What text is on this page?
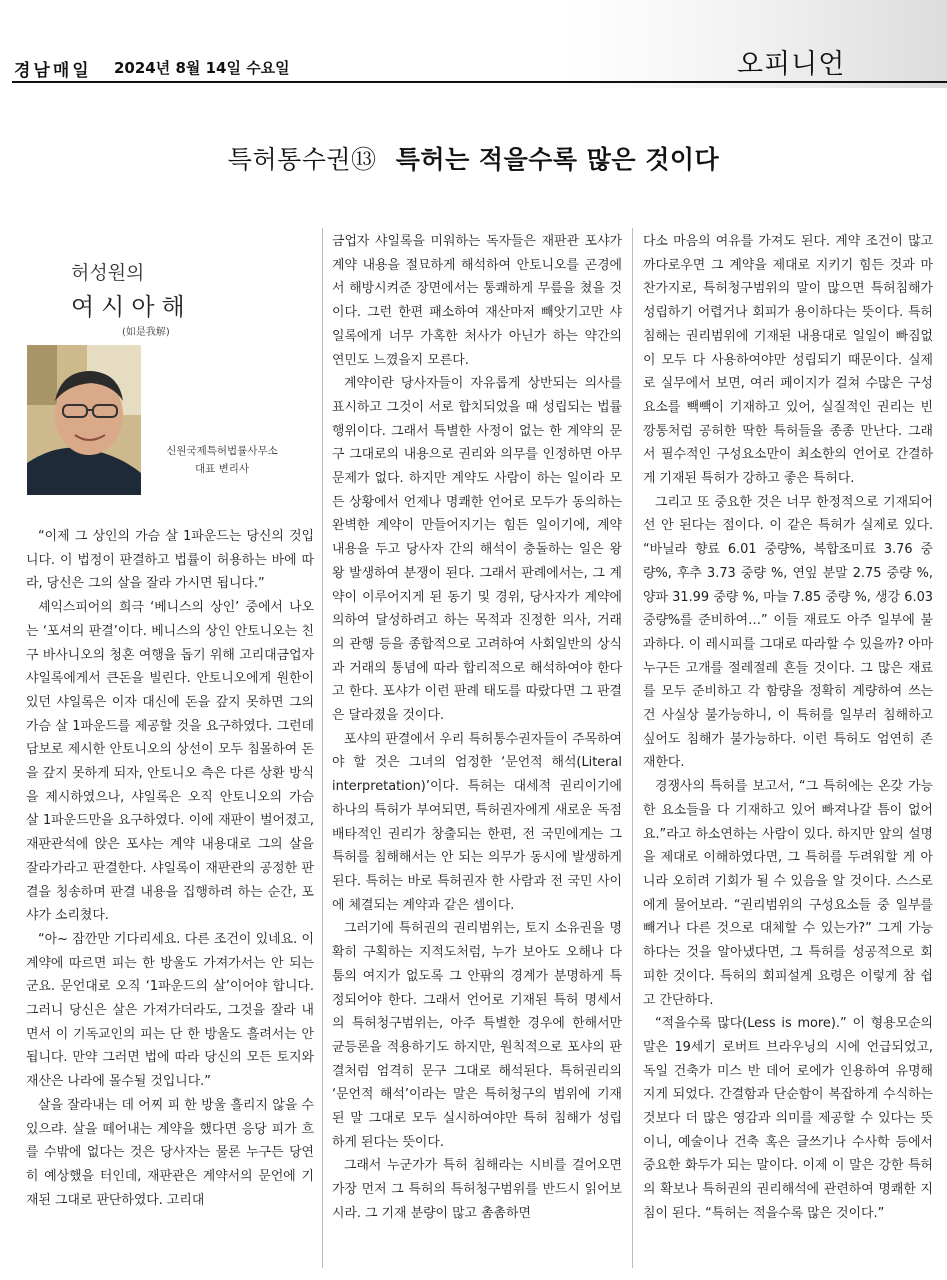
경남매일 2024년 8월 14일 수요일	오피니언
특허통수권⑬ 특허는 적을수록 많은 것이다
허성원의
여시아해
(如是我解)
신원국제특허법률사무소
대표 변리사

“이제 그 상인의 가슴 살 1파운드는 당신의 것입니다. 이 법정이 판결하고 법률이 허용하는 바에 따라, 당신은 그의 살을 잘라 가시면 됩니다.”

셰익스피어의 희극 ‘베니스의 상인’ 중에서 나오는 ‘포셔의 판결’이다. 베니스의 상인 안토니오는 친구 바사니오의 청혼 여행을 돕기 위해 고리대금업자 샤일록에게서 큰돈을 빌린다. 안토니오에게 원한이 있던 샤일록은 이자 대신에 돈을 갚지 못하면 그의 가슴 살 1파운드를 제공할 것을 요구하였다. 그런데 담보로 제시한 안토니오의 상선이 모두 침몰하여 돈을 갚지 못하게 되자, 안토니오 측은 다른 상환 방식을 제시하였으나, 샤일록은 오직 안토니오의 가슴 살 1파운드만을 요구하였다. 이에 재판이 벌어졌고, 재판관석에 앉은 포샤는 계약 내용대로 그의 살을 잘라가라고 판결한다. 샤일록이 재판관의 공정한 판결을 칭송하며 판결 내용을 집행하려 하는 순간, 포샤가 소리쳤다.

“아~ 잠깐만 기다리세요. 다른 조건이 있네요. 이 계약에 따르면 피는 한 방울도 가져가서는 안 되는군요. 문언대로 오직 ‘1파운드의 살’이어야 합니다. 그러니 당신은 살은 가져가더라도, 그것을 잘라 내면서 이 기독교인의 피는 단 한 방울도 흘려서는 안 됩니다. 만약 그러면 법에 따라 당신의 모든 토지와 재산은 나라에 몰수될 것입니다.”

살을 잘라내는 데 어찌 피 한 방울 흘리지 않을 수 있으랴. 살을 떼어내는 계약을 했다면 응당 피가 흐를 수밖에 없다는 것은 당사자는 물론 누구든 당연히 예상했을 터인데, 재판관은 계약서의 문언에 기재된 그대로 판단하였다. 고리대

금업자 샤일록을 미워하는 독자들은 재판관 포샤가 계약 내용을 절묘하게 해석하여 안토니오를 곤경에서 해방시켜준 장면에서는 통쾌하게 무릎을 쳤을 것이다. 그런 한편 패소하여 재산마저 빼앗기고만 샤일록에게 너무 가혹한 처사가 아닌가 하는 약간의 연민도 느꼈을지 모른다.

계약이란 당사자들이 자유롭게 상반되는 의사를 표시하고 그것이 서로 합치되었을 때 성립되는 법률행위이다. 그래서 특별한 사정이 없는 한 계약의 문구 그대로의 내용으로 권리와 의무를 인정하면 아무 문제가 없다. 하지만 계약도 사람이 하는 일이라 모든 상황에서 언제나 명쾌한 언어로 모두가 동의하는 완벽한 계약이 만들어지기는 힘든 일이기에, 계약 내용을 두고 당사자 간의 해석이 충돌하는 일은 왕왕 발생하여 분쟁이 된다. 그래서 판례에서는, 그 계약이 이루어지게 된 동기 및 경위, 당사자가 계약에 의하여 달성하려고 하는 목적과 진정한 의사, 거래의 관행 등을 종합적으로 고려하여 사회일반의 상식과 거래의 통념에 따라 합리적으로 해석하여야 한다고 한다. 포샤가 이런 판례 태도를 따랐다면 그 판결은 달라졌을 것이다.

포샤의 판결에서 우리 특허통수권자들이 주목하여야 할 것은 그녀의 엄정한 ‘문언적 해석(Literal interpretation)’이다. 특허는 대세적 권리이기에 하나의 특허가 부여되면, 특허권자에게 새로운 독점배타적인 권리가 창출되는 한편, 전 국민에게는 그 특허를 침해해서는 안 되는 의무가 동시에 발생하게 된다. 특허는 바로 특허권자 한 사람과 전 국민 사이에 체결되는 계약과 같은 셈이다.

그러기에 특허권의 권리범위는, 토지 소유권을 명확히 구획하는 지적도처럼, 누가 보아도 오해나 다툼의 여지가 없도록 그 안팎의 경계가 분명하게 특정되어야 한다. 그래서 언어로 기재된 특허 명세서의 특허청구범위는, 아주 특별한 경우에 한해서만 균등론을 적용하기도 하지만, 원칙적으로 포샤의 판결처럼 엄격히 문구 그대로 해석된다. 특허권리의 ‘문언적 해석’이라는 말은 특허청구의 범위에 기재된 말 그대로 모두 실시하여야만 특허 침해가 성립하게 된다는 뜻이다.

그래서 누군가가 특허 침해라는 시비를 걸어오면 가장 먼저 그 특허의 특허청구범위를 반드시 읽어보시라. 그 기재 분량이 많고 촘촘하면

다소 마음의 여유를 가져도 된다. 계약 조건이 많고 까다로우면 그 계약을 제대로 지키기 힘든 것과 마찬가지로, 특허청구범위의 말이 많으면 특허침해가 성립하기 어렵거나 회피가 용이하다는 뜻이다. 특허침해는 권리범위에 기재된 내용대로 일일이 빠짐없이 모두 다 사용하여야만 성립되기 때문이다. 실제로 실무에서 보면, 여러 페이지가 걸쳐 수많은 구성요소를 빽빽이 기재하고 있어, 실질적인 권리는 빈 깡통처럼 공허한 딱한 특허들을 종종 만난다. 그래서 필수적인 구성요소만이 최소한의 언어로 간결하게 기재된 특허가 강하고 좋은 특허다.

그리고 또 중요한 것은 너무 한정적으로 기재되어선 안 된다는 점이다. 이 같은 특허가 실제로 있다. “바닐라 향료 6.01 중량%, 복합조미료 3.76 중량%, 후추 3.73 중량 %, 연잎 분말 2.75 중량 %, 양파 31.99 중량 %, 마늘 7.85 중량 %, 생강 6.03 중량%를 준비하여…” 이들 재료도 아주 일부에 불과하다. 이 레시피를 그대로 따라할 수 있을까? 아마 누구든 고개를 절레절레 흔들 것이다. 그 많은 재료를 모두 준비하고 각 함량을 정확히 계량하여 쓰는 건 사실상 불가능하니, 이 특허를 일부러 침해하고 싶어도 침해가 불가능하다. 이런 특허도 엄연히 존재한다.

경쟁사의 특허를 보고서, “그 특허에는 온갖 가능한 요소들을 다 기재하고 있어 빠져나갈 틈이 없어요.”라고 하소연하는 사람이 있다. 하지만 앞의 설명을 제대로 이해하였다면, 그 특허를 두려워할 게 아니라 오히려 기회가 될 수 있음을 알 것이다. 스스로에게 물어보라. “권리범위의 구성요소들 중 일부를 빼거나 다른 것으로 대체할 수 있는가?” 그게 가능하다는 것을 알아냈다면, 그 특허를 성공적으로 회피한 것이다. 특허의 회피설계 요령은 이렇게 참 쉽고 간단하다.

“적을수록 많다(Less is more).” 이 형용모순의 말은 19세기 로버트 브라우닝의 시에 언급되었고, 독일 건축가 미스 반 데어 로에가 인용하여 유명해지게 되었다. 간결함과 단순함이 복잡하게 수식하는 것보다 더 많은 영감과 의미를 제공할 수 있다는 뜻이니, 예술이나 건축 혹은 글쓰기나 수사학 등에서 중요한 화두가 되는 말이다. 이제 이 말은 강한 특허의 확보나 특허권의 권리해석에 관련하여 명쾌한 지침이 된다. “특허는 적을수록 많은 것이다.”
